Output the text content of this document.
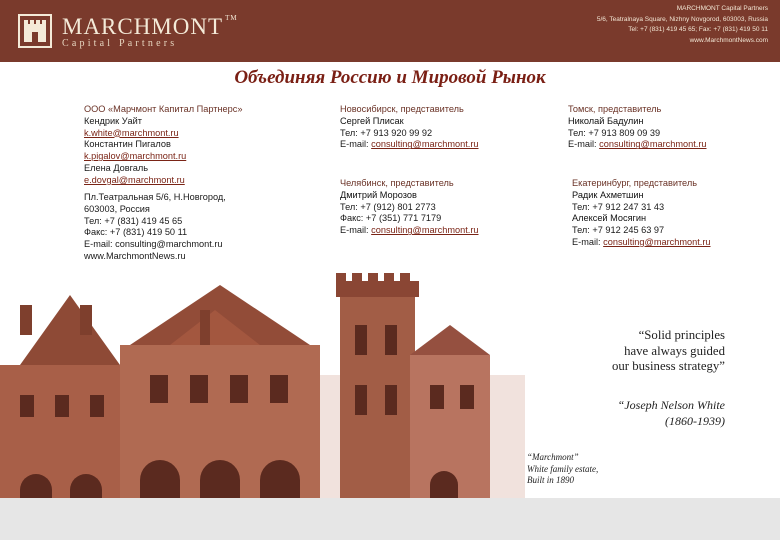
MARCHMONT ™
Capital Partners
MARCHMONT Capital Partners
5/6, Teatralnaya Square, Nizhny Novgorod, 603003, Russia
Tel: +7 (831) 419 45 65; Fax: +7 (831) 419 50 11
www.MarchmontNews.com
Объединяя Россию и Мировой Рынок
ООО «Марчмонт Капитал Партнерс»
Кендрик Уайт
k.white@marchmont.ru
Константин Пигалов
k.pigalov@marchmont.ru
Елена Довгаль
e.dovgal@marchmont.ru
Пл.Театральная 5/6, Н.Новгород,
603003, Россия
Тел: +7 (831) 419 45 65
Факс: +7 (831) 419 50 11
E-mail: consulting@marchmont.ru
www.MarchmontNews.ru
Новосибирск, представитель
Сергей Плисак
Тел: +7 913 920 99 92
E-mail: consulting@marchmont.ru
Томск, представитель
Николай Бадулин
Тел: +7 913 809 09 39
E-mail: consulting@marchmont.ru
Челябинск, представитель
Дмитрий Морозов
Тел: +7 (912) 801 2773
Факс: +7 (351) 771 7179
E-mail: consulting@marchmont.ru
Екатеринбург, представитель
Радик Ахметшин
Тел: +7 912 247 31 43
Алексей Мосягин
Тел: +7 912 245 63 97
E-mail: consulting@marchmont.ru
“Solid principles
have always guided
our business strategy”
“Joseph Nelson White
(1860-1939)
“Marchmont”
White family estate,
Built in 1890
